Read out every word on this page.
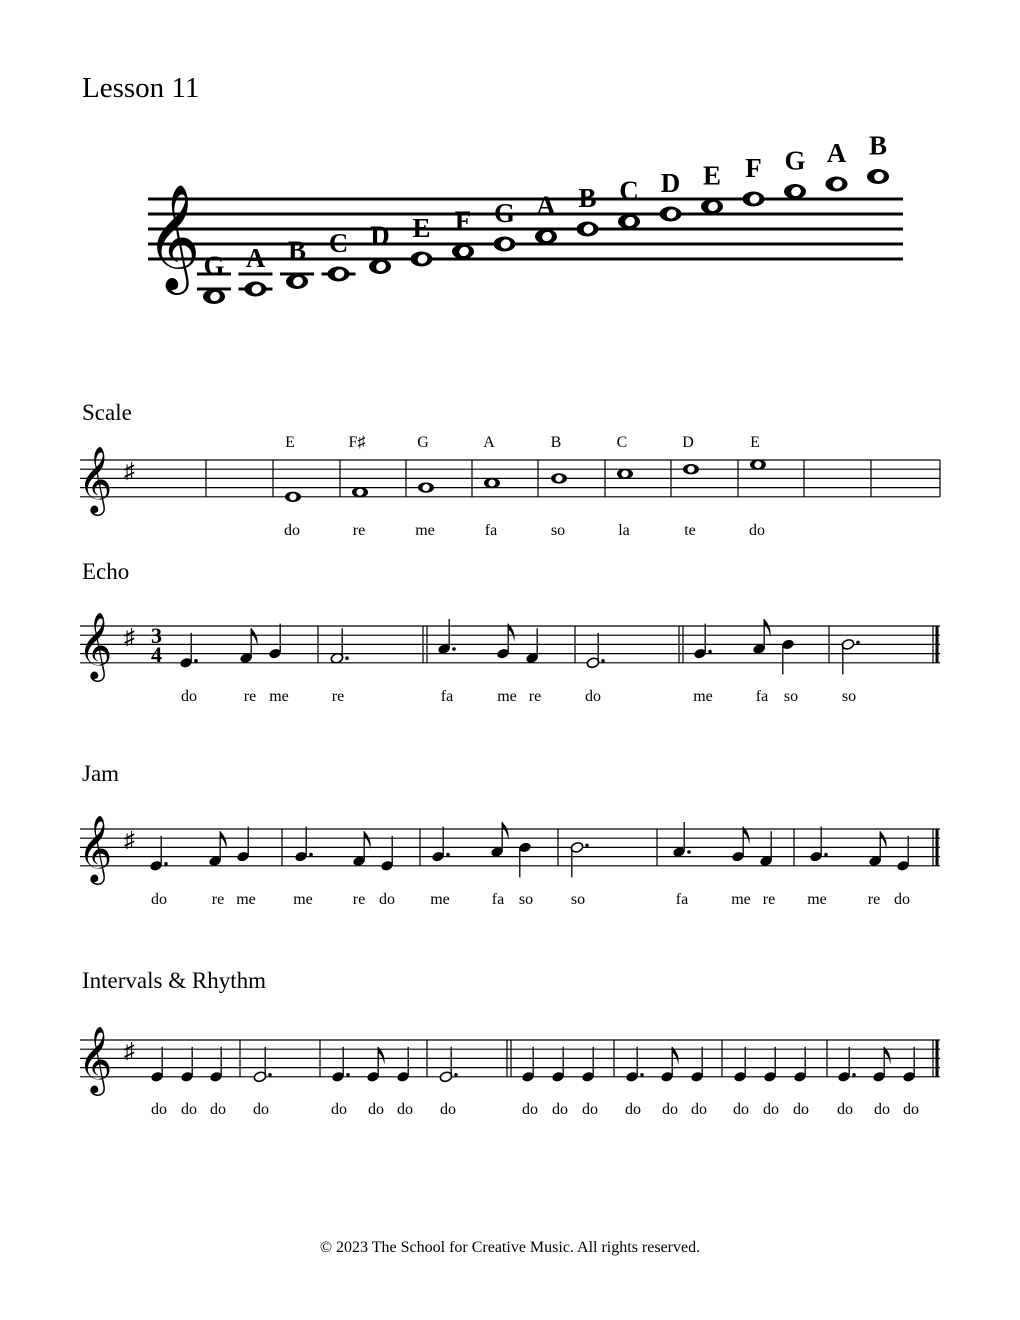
Lesson 11
𝄞 G A B C D E F G A B C D E F G A B
Scale
Echo
Jam
Intervals & Rhythm
𝄞 ♯
E	F♯	G	A	B	C	D	E
do	re	me	fa	so	la	te	do
𝄞 ♯ 3
4
do	re me	re	fa	me re	do	me	fa so	so
𝄞 ♯
do	re me me	re do me	fa so so	fa	me re me	re do
𝄞 ♯
do do do do	do do do do	do do do do do do do do do do do do
© 2023 The School for Creative Music. All rights reserved.
